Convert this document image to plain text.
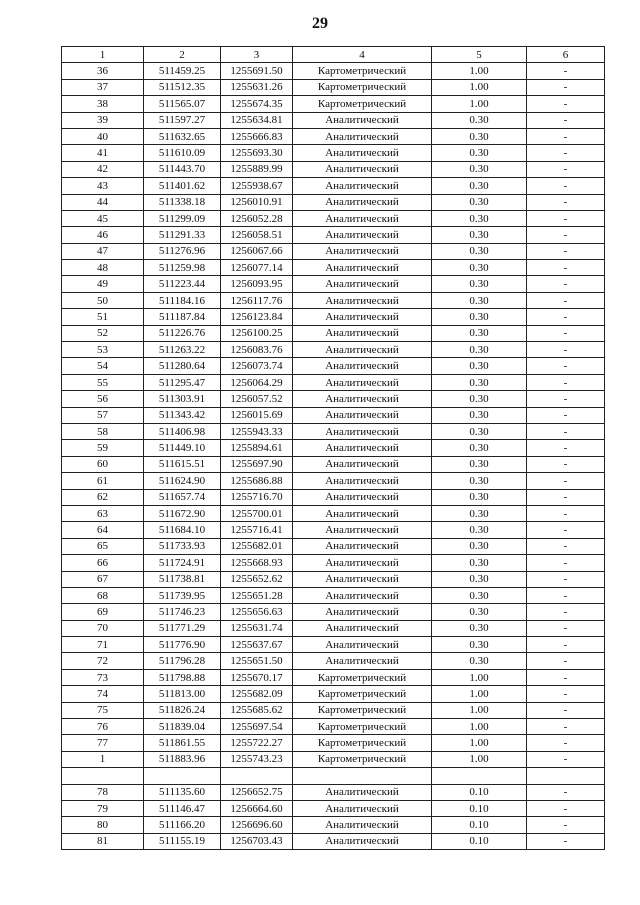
29
1	2	3	4	5	6
36	511459.25	1255691.50	Картометрический	1.00	-
37	511512.35	1255631.26	Картометрический	1.00	-
38	511565.07	1255674.35	Картометрический	1.00	-
39	511597.27	1255634.81	Аналитический	0.30	-
40	511632.65	1255666.83	Аналитический	0.30	-
41	511610.09	1255693.30	Аналитический	0.30	-
42	511443.70	1255889.99	Аналитический	0.30	-
43	511401.62	1255938.67	Аналитический	0.30	-
44	511338.18	1256010.91	Аналитический	0.30	-
45	511299.09	1256052.28	Аналитический	0.30	-
46	511291.33	1256058.51	Аналитический	0.30	-
47	511276.96	1256067.66	Аналитический	0.30	-
48	511259.98	1256077.14	Аналитический	0.30	-
49	511223.44	1256093.95	Аналитический	0.30	-
50	511184.16	1256117.76	Аналитический	0.30	-
51	511187.84	1256123.84	Аналитический	0.30	-
52	511226.76	1256100.25	Аналитический	0.30	-
53	511263.22	1256083.76	Аналитический	0.30	-
54	511280.64	1256073.74	Аналитический	0.30	-
55	511295.47	1256064.29	Аналитический	0.30	-
56	511303.91	1256057.52	Аналитический	0.30	-
57	511343.42	1256015.69	Аналитический	0.30	-
58	511406.98	1255943.33	Аналитический	0.30	-
59	511449.10	1255894.61	Аналитический	0.30	-
60	511615.51	1255697.90	Аналитический	0.30	-
61	511624.90	1255686.88	Аналитический	0.30	-
62	511657.74	1255716.70	Аналитический	0.30	-
63	511672.90	1255700.01	Аналитический	0.30	-
64	511684.10	1255716.41	Аналитический	0.30	-
65	511733.93	1255682.01	Аналитический	0.30	-
66	511724.91	1255668.93	Аналитический	0.30	-
67	511738.81	1255652.62	Аналитический	0.30	-
68	511739.95	1255651.28	Аналитический	0.30	-
69	511746.23	1255656.63	Аналитический	0.30	-
70	511771.29	1255631.74	Аналитический	0.30	-
71	511776.90	1255637.67	Аналитический	0.30	-
72	511796.28	1255651.50	Аналитический	0.30	-
73	511798.88	1255670.17	Картометрический	1.00	-
74	511813.00	1255682.09	Картометрический	1.00	-
75	511826.24	1255685.62	Картометрический	1.00	-
76	511839.04	1255697.54	Картометрический	1.00	-
77	511861.55	1255722.27	Картометрический	1.00	-
1	511883.96	1255743.23	Картометрический	1.00	-

78	511135.60	1256652.75	Аналитический	0.10	-
79	511146.47	1256664.60	Аналитический	0.10	-
80	511166.20	1256696.60	Аналитический	0.10	-
81	511155.19	1256703.43	Аналитический	0.10	-
